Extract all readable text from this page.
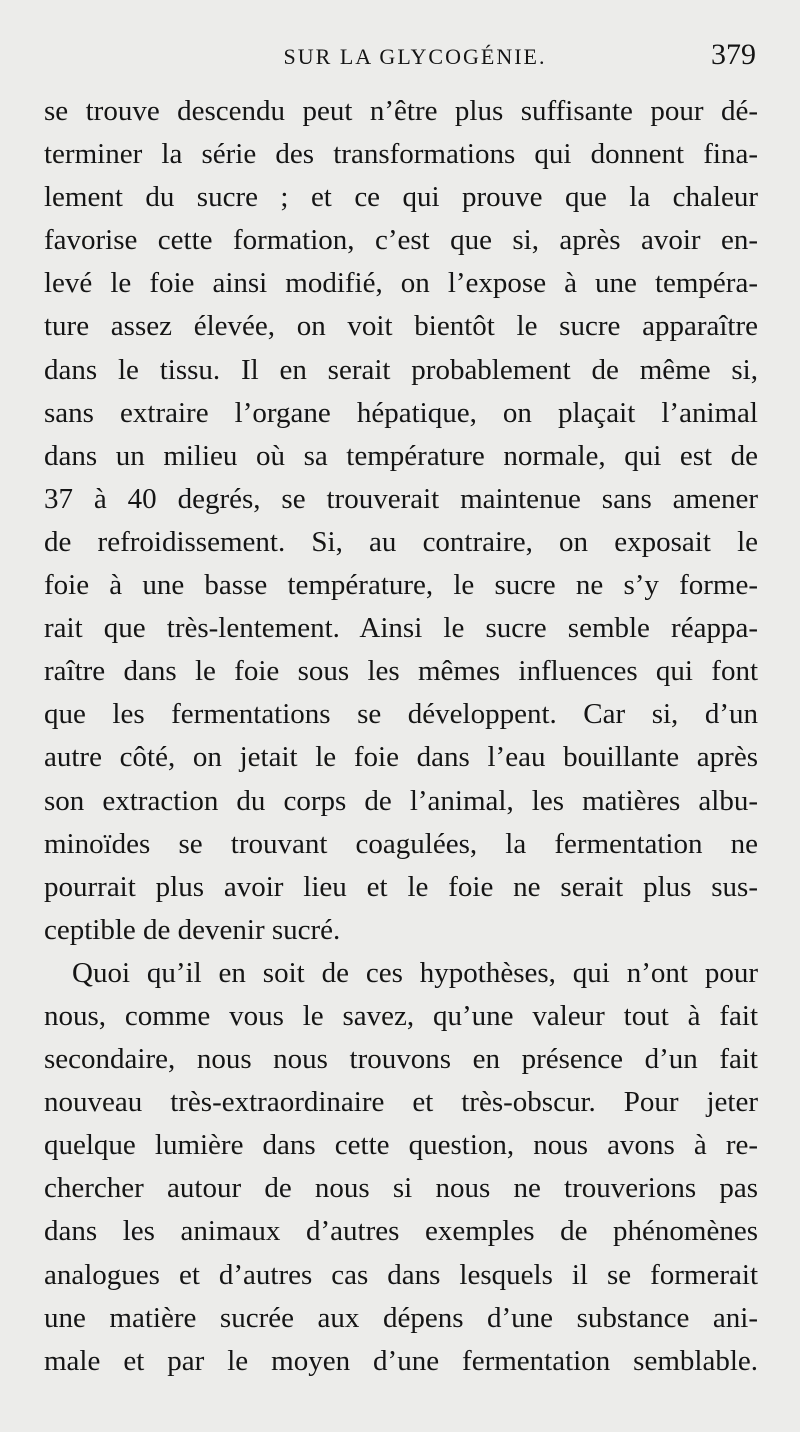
SUR LA GLYCOGÉNIE.	379
se trouve descendu peut n’être plus suffisante pour dé-
terminer la série des transformations qui donnent fina-
lement du sucre ; et ce qui prouve que la chaleur
favorise cette formation, c’est que si, après avoir en-
levé le foie ainsi modifié, on l’expose à une tempéra-
ture assez élevée, on voit bientôt le sucre apparaître
dans le tissu. Il en serait probablement de même si,
sans extraire l’organe hépatique, on plaçait l’animal
dans un milieu où sa température normale, qui est de
37 à 40 degrés, se trouverait maintenue sans amener
de refroidissement. Si, au contraire, on exposait le
foie à une basse température, le sucre ne s’y forme-
rait que très-lentement. Ainsi le sucre semble réappa-
raître dans le foie sous les mêmes influences qui font
que les fermentations se développent. Car si, d’un
autre côté, on jetait le foie dans l’eau bouillante après
son extraction du corps de l’animal, les matières albu-
minoïdes se trouvant coagulées, la fermentation ne
pourrait plus avoir lieu et le foie ne serait plus sus-
ceptible de devenir sucré.
Quoi qu’il en soit de ces hypothèses, qui n’ont pour
nous, comme vous le savez, qu’une valeur tout à fait
secondaire, nous nous trouvons en présence d’un fait
nouveau très-extraordinaire et très-obscur. Pour jeter
quelque lumière dans cette question, nous avons à re-
chercher autour de nous si nous ne trouverions pas
dans les animaux d’autres exemples de phénomènes
analogues et d’autres cas dans lesquels il se formerait
une matière sucrée aux dépens d’une substance ani-
male et par le moyen d’une fermentation semblable.
